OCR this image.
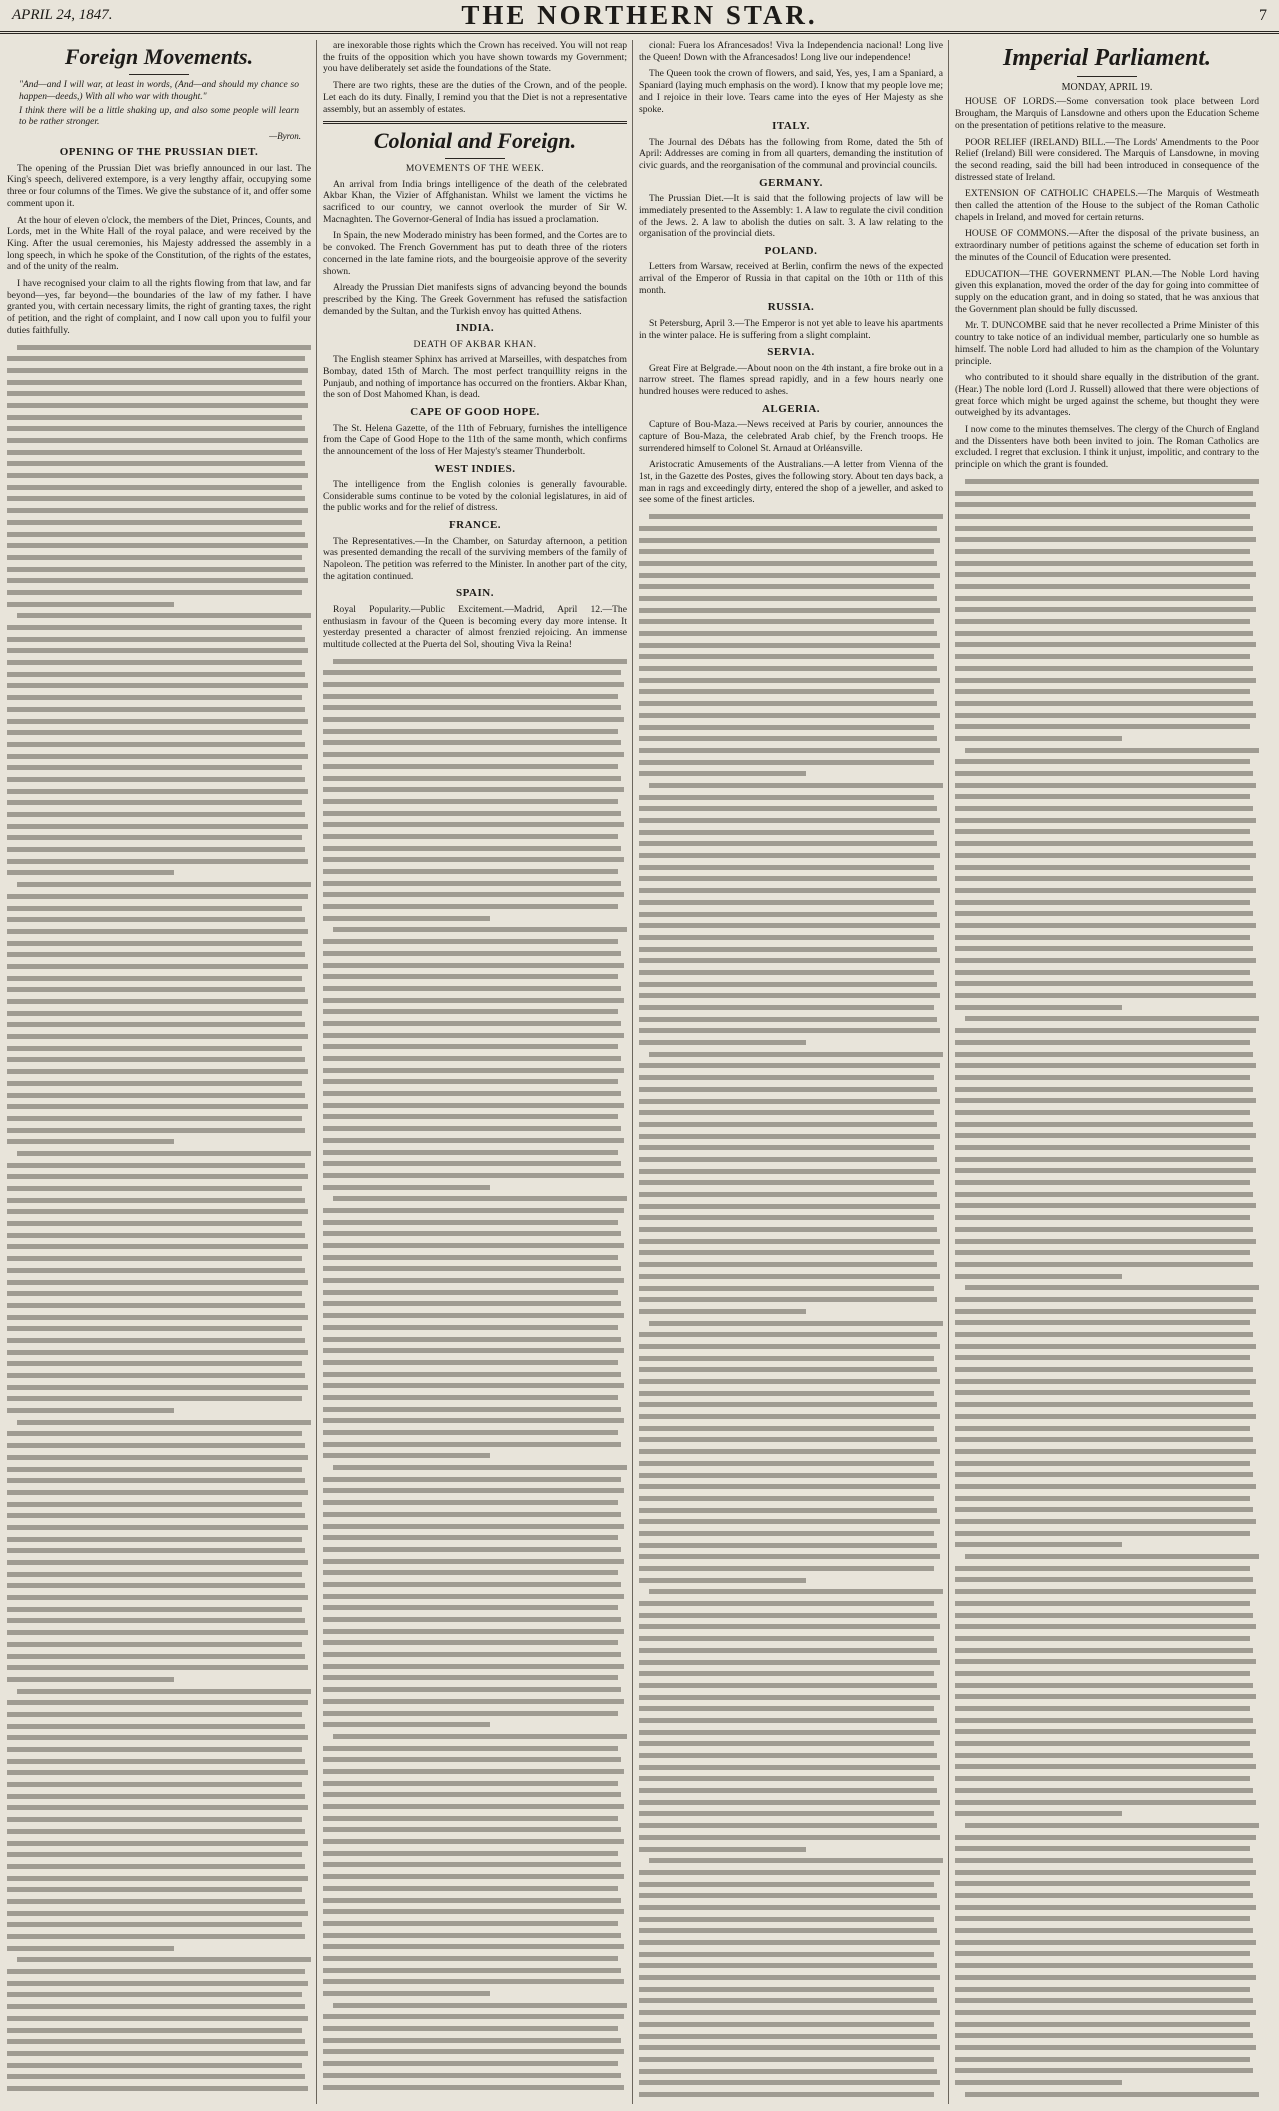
APRIL 24, 1847.	THE NORTHERN STAR.	7
Foreign Movements.
"And—and I will war, at least in words, (And—and should my chance so happen—deeds,) With all who war with thought."
I think there will be a little shaking up, and also some people will learn to be rather stronger.
—Byron.
OPENING OF THE PRUSSIAN DIET.

The opening of the Prussian Diet was briefly announced in our last. The King's speech, delivered extempore, is a very lengthy affair, occupying some three or four columns of the Times. We give the substance of it, and offer some comment upon it.

At the hour of eleven o'clock, the members of the Diet, Princes, Counts, and Lords, met in the White Hall of the royal palace, and were received by the King. After the usual ceremonies, his Majesty addressed the assembly in a long speech, in which he spoke of the Constitution, of the rights of the estates, and of the unity of the realm.

I have recognised your claim to all the rights flowing from that law, and far beyond—yes, far beyond—the boundaries of the law of my father. I have granted you, with certain necessary limits, the right of granting taxes, the right of petition, and the right of complaint, and I now call upon you to fulfil your duties faithfully.

are inexorable those rights which the Crown has received. You will not reap the fruits of the opposition which you have shown towards my Government; you have deliberately set aside the foundations of the State.

There are two rights, these are the duties of the Crown, and of the people. Let each do its duty. Finally, I remind you that the Diet is not a representative assembly, but an assembly of estates.

Colonial and Foreign.
MOVEMENTS OF THE WEEK.

An arrival from India brings intelligence of the death of the celebrated Akbar Khan, the Vizier of Affghanistan. Whilst we lament the victims he sacrificed to our country, we cannot overlook the murder of Sir W. Macnaghten. The Governor-General of India has issued a proclamation.

In Spain, the new Moderado ministry has been formed, and the Cortes are to be convoked. The French Government has put to death three of the rioters concerned in the late famine riots, and the bourgeoisie approve of the severity shown.

Already the Prussian Diet manifests signs of advancing beyond the bounds prescribed by the King. The Greek Government has refused the satisfaction demanded by the Sultan, and the Turkish envoy has quitted Athens.

INDIA.
DEATH OF AKBAR KHAN.

The English steamer Sphinx has arrived at Marseilles, with despatches from Bombay, dated 15th of March. The most perfect tranquillity reigns in the Punjaub, and nothing of importance has occurred on the frontiers. Akbar Khan, the son of Dost Mahomed Khan, is dead.

CAPE OF GOOD HOPE.

The St. Helena Gazette, of the 11th of February, furnishes the intelligence from the Cape of Good Hope to the 11th of the same month, which confirms the announcement of the loss of Her Majesty's steamer Thunderbolt.

WEST INDIES.

The intelligence from the English colonies is generally favourable. Considerable sums continue to be voted by the colonial legislatures, in aid of the public works and for the relief of distress.

FRANCE.

The Representatives.—In the Chamber, on Saturday afternoon, a petition was presented demanding the recall of the surviving members of the family of Napoleon. The petition was referred to the Minister. In another part of the city, the agitation continued.

SPAIN.

Royal Popularity.—Public Excitement.—Madrid, April 12.—The enthusiasm in favour of the Queen is becoming every day more intense. It yesterday presented a character of almost frenzied rejoicing. An immense multitude collected at the Puerta del Sol, shouting Viva la Reina!

cional: Fuera los Afrancesados! Viva la Independencia nacional! Long live the Queen! Down with the Afrancesados! Long live our independence!

The Queen took the crown of flowers, and said, Yes, yes, I am a Spaniard, a Spaniard (laying much emphasis on the word). I know that my people love me; and I rejoice in their love. Tears came into the eyes of Her Majesty as she spoke.

ITALY.

The Journal des Débats has the following from Rome, dated the 5th of April: Addresses are coming in from all quarters, demanding the institution of civic guards, and the reorganisation of the communal and provincial councils.

GERMANY.

The Prussian Diet.—It is said that the following projects of law will be immediately presented to the Assembly: 1. A law to regulate the civil condition of the Jews. 2. A law to abolish the duties on salt. 3. A law relating to the organisation of the provincial diets.

POLAND.

Letters from Warsaw, received at Berlin, confirm the news of the expected arrival of the Emperor of Russia in that capital on the 10th or 11th of this month.

RUSSIA.

St Petersburg, April 3.—The Emperor is not yet able to leave his apartments in the winter palace. He is suffering from a slight complaint.

SERVIA.

Great Fire at Belgrade.—About noon on the 4th instant, a fire broke out in a narrow street. The flames spread rapidly, and in a few hours nearly one hundred houses were reduced to ashes.

ALGERIA.

Capture of Bou-Maza.—News received at Paris by courier, announces the capture of Bou-Maza, the celebrated Arab chief, by the French troops. He surrendered himself to Colonel St. Arnaud at Orléansville.

Aristocratic Amusements of the Australians.—A letter from Vienna of the 1st, in the Gazette des Postes, gives the following story. About ten days back, a man in rags and exceedingly dirty, entered the shop of a jeweller, and asked to see some of the finest articles.

Imperial Parliament.
MONDAY, APRIL 19.

HOUSE OF LORDS.—Some conversation took place between Lord Brougham, the Marquis of Lansdowne and others upon the Education Scheme on the presentation of petitions relative to the measure.

POOR RELIEF (IRELAND) BILL.—The Lords' Amendments to the Poor Relief (Ireland) Bill were considered. The Marquis of Lansdowne, in moving the second reading, said the bill had been introduced in consequence of the distressed state of Ireland.

EXTENSION OF CATHOLIC CHAPELS.—The Marquis of Westmeath then called the attention of the House to the subject of the Roman Catholic chapels in Ireland, and moved for certain returns.

HOUSE OF COMMONS.—After the disposal of the private business, an extraordinary number of petitions against the scheme of education set forth in the minutes of the Council of Education were presented.

EDUCATION—THE GOVERNMENT PLAN.—The Noble Lord having given this explanation, moved the order of the day for going into committee of supply on the education grant, and in doing so stated, that he was anxious that the Government plan should be fully discussed.

Mr. T. DUNCOMBE said that he never recollected a Prime Minister of this country to take notice of an individual member, particularly one so humble as himself. The noble Lord had alluded to him as the champion of the Voluntary principle.

who contributed to it should share equally in the distribution of the grant. (Hear.) The noble lord (Lord J. Russell) allowed that there were objections of great force which might be urged against the scheme, but thought they were outweighed by its advantages.

I now come to the minutes themselves. The clergy of the Church of England and the Dissenters have both been invited to join. The Roman Catholics are excluded. I regret that exclusion. I think it unjust, impolitic, and contrary to the principle on which the grant is founded.
